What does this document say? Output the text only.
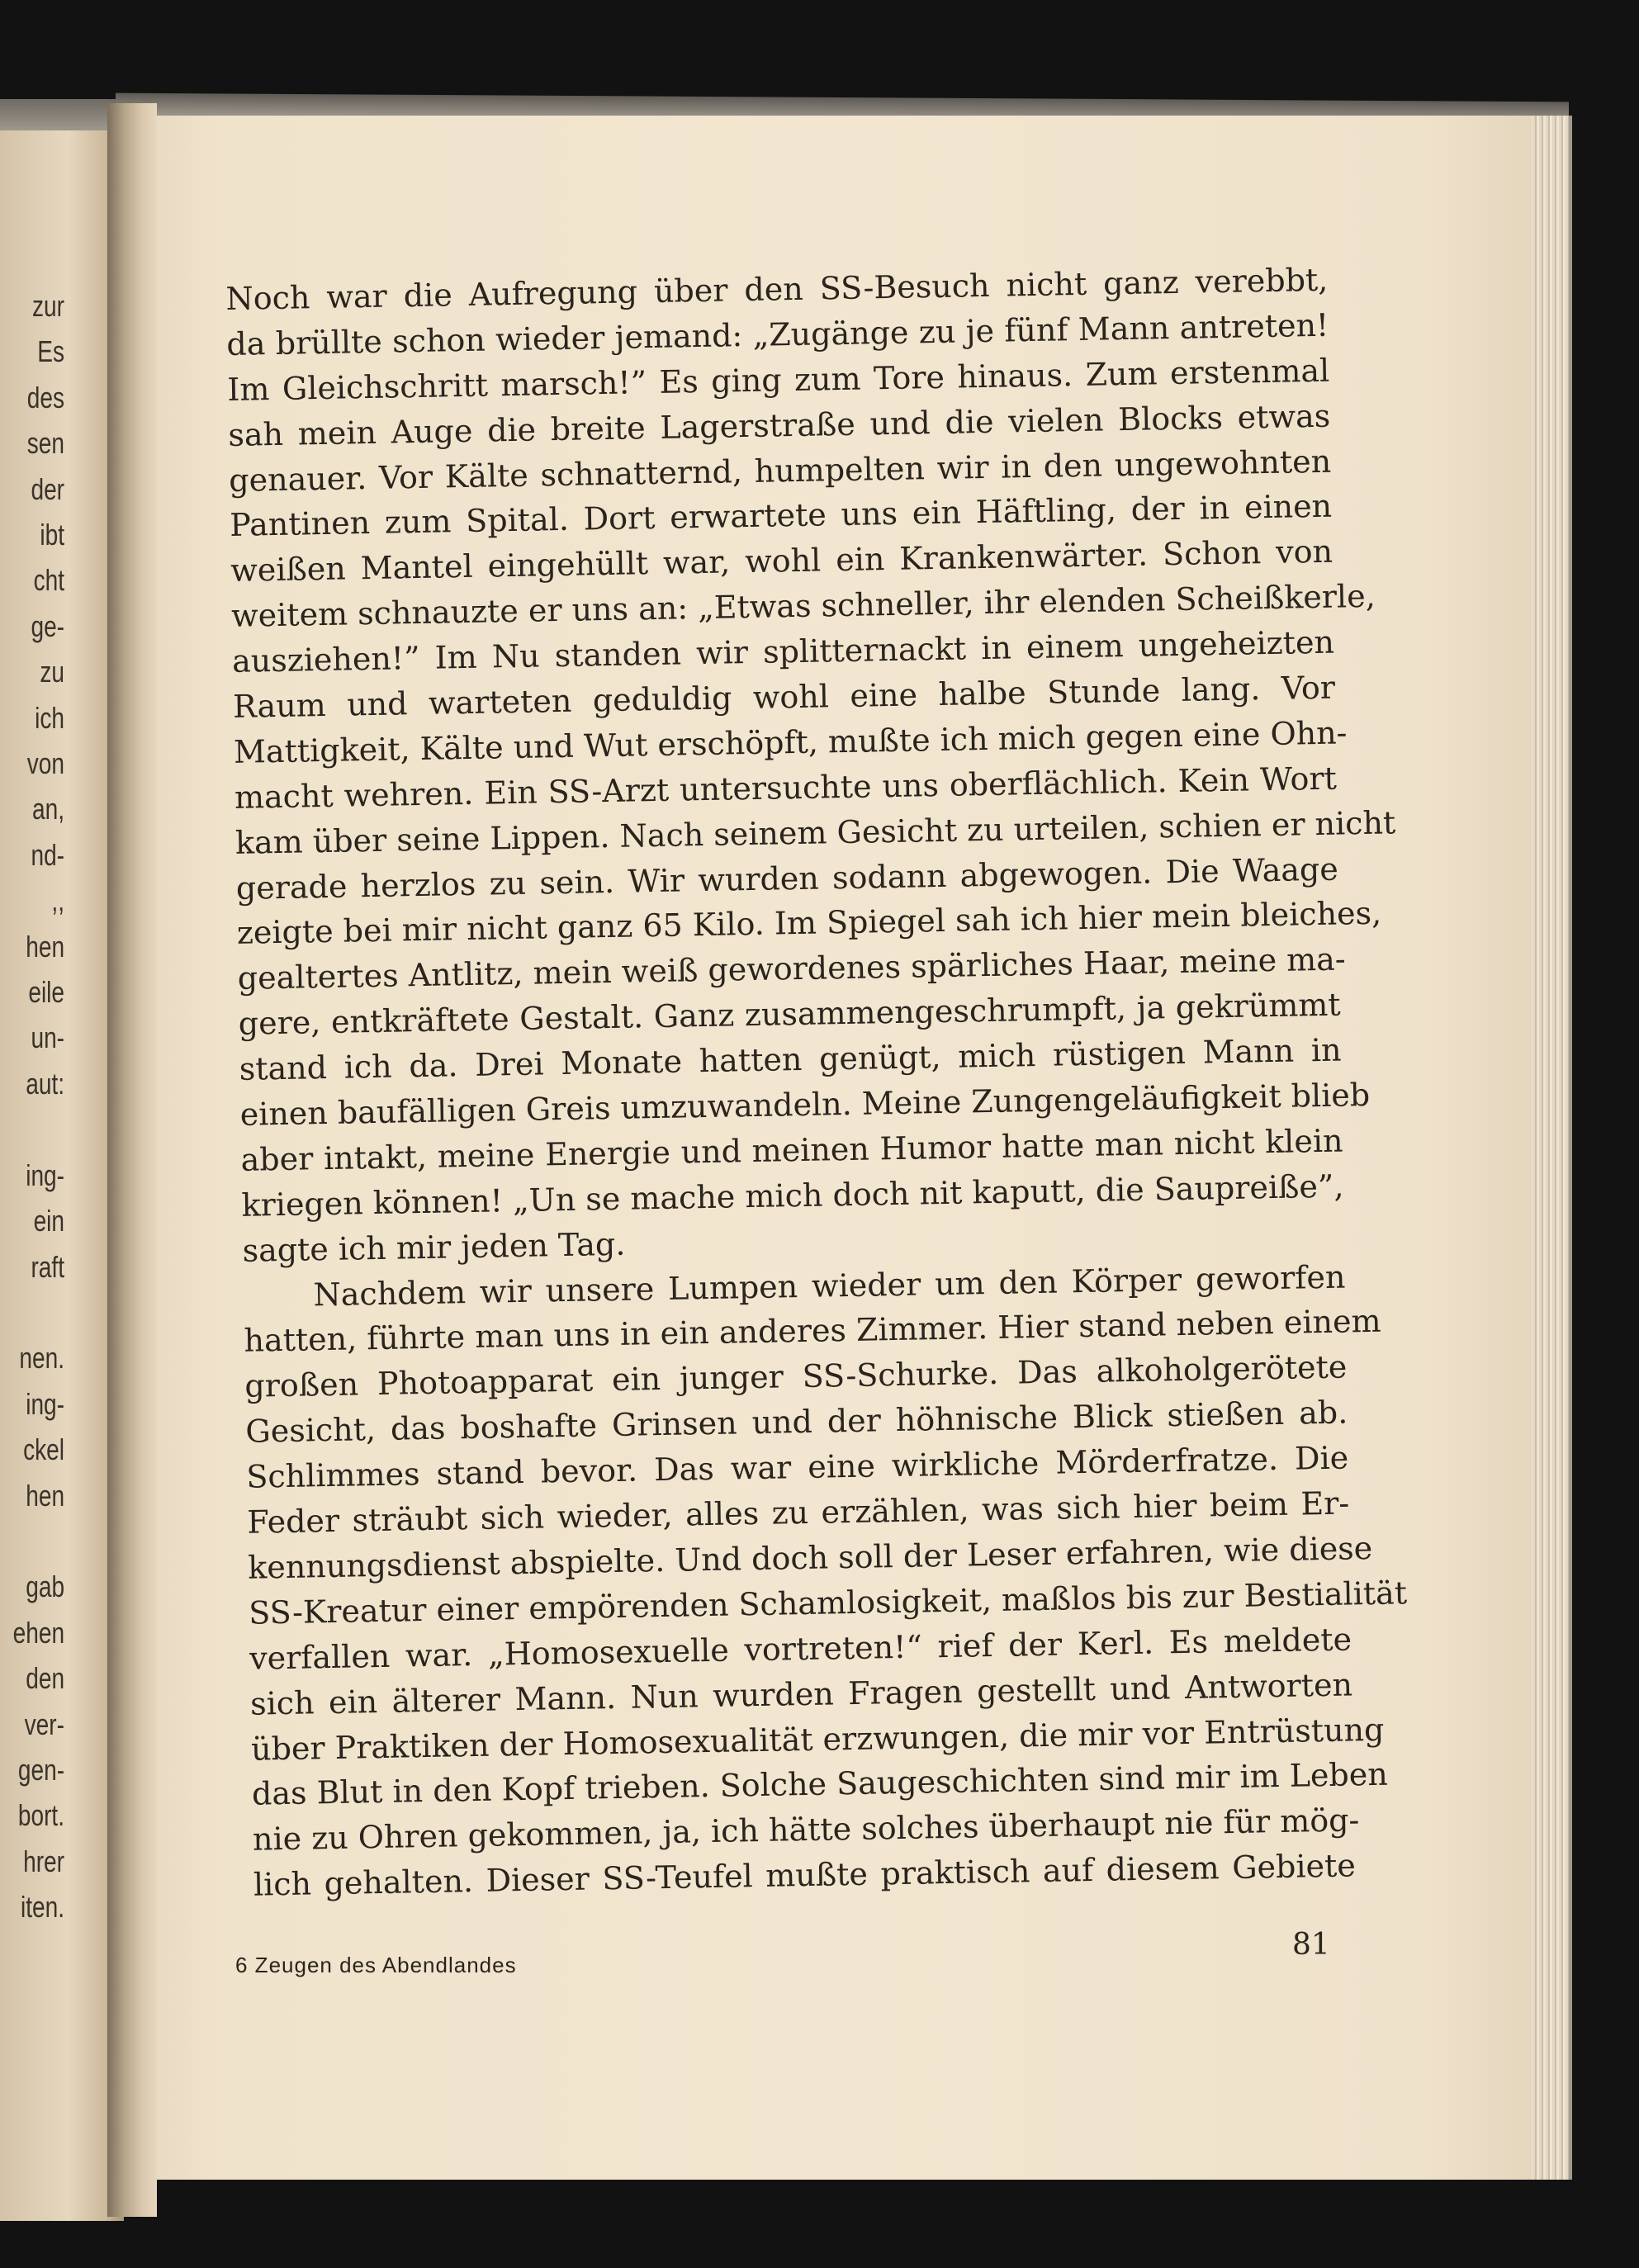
zur
Es
des
sen
der
ibt
cht
ge-
zu
ich
von
an,
nd-
,,
hen
eile
un-
aut:
ing-
ein
raft
nen.
ing-
ckel
hen
gab
ehen
den
ver-
gen-
bort.
hrer
iten.
Noch war die Aufregung über den SS-Besuch nicht ganz verebbt,
da brüllte schon wieder jemand: „Zugänge zu je fünf Mann antreten!
Im Gleichschritt marsch!” Es ging zum Tore hinaus. Zum erstenmal
sah mein Auge die breite Lagerstraße und die vielen Blocks etwas
genauer. Vor Kälte schnatternd, humpelten wir in den ungewohnten
Pantinen zum Spital. Dort erwartete uns ein Häftling, der in einen
weißen Mantel eingehüllt war, wohl ein Krankenwärter. Schon von
weitem schnauzte er uns an: „Etwas schneller, ihr elenden Scheißkerle,
ausziehen!” Im Nu standen wir splitternackt in einem ungeheizten
Raum und warteten geduldig wohl eine halbe Stunde lang. Vor
Mattigkeit, Kälte und Wut erschöpft, mußte ich mich gegen eine Ohn-
macht wehren. Ein SS-Arzt untersuchte uns oberflächlich. Kein Wort
kam über seine Lippen. Nach seinem Gesicht zu urteilen, schien er nicht
gerade herzlos zu sein. Wir wurden sodann abgewogen. Die Waage
zeigte bei mir nicht ganz 65 Kilo. Im Spiegel sah ich hier mein bleiches,
gealtertes Antlitz, mein weiß gewordenes spärliches Haar, meine ma-
gere, entkräftete Gestalt. Ganz zusammengeschrumpft, ja gekrümmt
stand ich da. Drei Monate hatten genügt, mich rüstigen Mann in
einen baufälligen Greis umzuwandeln. Meine Zungengeläufigkeit blieb
aber intakt, meine Energie und meinen Humor hatte man nicht klein
kriegen können! „Un se mache mich doch nit kaputt, die Saupreiße”,
sagte ich mir jeden Tag.
Nachdem wir unsere Lumpen wieder um den Körper geworfen
hatten, führte man uns in ein anderes Zimmer. Hier stand neben einem
großen Photoapparat ein junger SS-Schurke. Das alkoholgerötete
Gesicht, das boshafte Grinsen und der höhnische Blick stießen ab.
Schlimmes stand bevor. Das war eine wirkliche Mörderfratze. Die
Feder sträubt sich wieder, alles zu erzählen, was sich hier beim Er-
kennungsdienst abspielte. Und doch soll der Leser erfahren, wie diese
SS-Kreatur einer empörenden Schamlosigkeit, maßlos bis zur Bestialität
verfallen war. „Homosexuelle vortreten!“ rief der Kerl. Es meldete
sich ein älterer Mann. Nun wurden Fragen gestellt und Antworten
über Praktiken der Homosexualität erzwungen, die mir vor Entrüstung
das Blut in den Kopf trieben. Solche Saugeschichten sind mir im Leben
nie zu Ohren gekommen, ja, ich hätte solches überhaupt nie für mög-
lich gehalten. Dieser SS-Teufel mußte praktisch auf diesem Gebiete
6 Zeugen des Abendlandes
81
